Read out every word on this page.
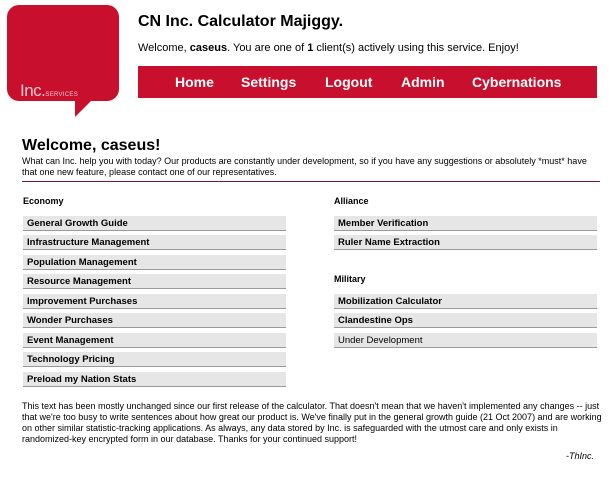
Inc.SERVICES
CN Inc. Calculator Majiggy.
Welcome, caseus. You are one of 1 client(s) actively using this service. Enjoy!
Home Settings Logout Admin Cybernations
Welcome, caseus!
What can Inc. help you with today? Our products are constantly under development, so if you have any suggestions or absolutely *must* have that one new feature, please contact one of our representatives.
Economy
General Growth Guide
Infrastructure Management
Population Management
Resource Management
Improvement Purchases
Wonder Purchases
Event Management
Technology Pricing
Preload my Nation Stats
Alliance
Member Verification
Ruler Name Extraction
Military
Mobilization Calculator
Clandestine Ops
Under Development
This text has been mostly unchanged since our first release of the calculator. That doesn't mean that we haven't implemented any changes -- just that we're too busy to write sentences about how great our product is. We've finally put in the general growth guide (21 Oct 2007) and are working on other similar statistic-tracking applications. As always, any data stored by Inc. is safeguarded with the utmost care and only exists in randomized-key encrypted form in our database. Thanks for your continued support!
-ThInc.
